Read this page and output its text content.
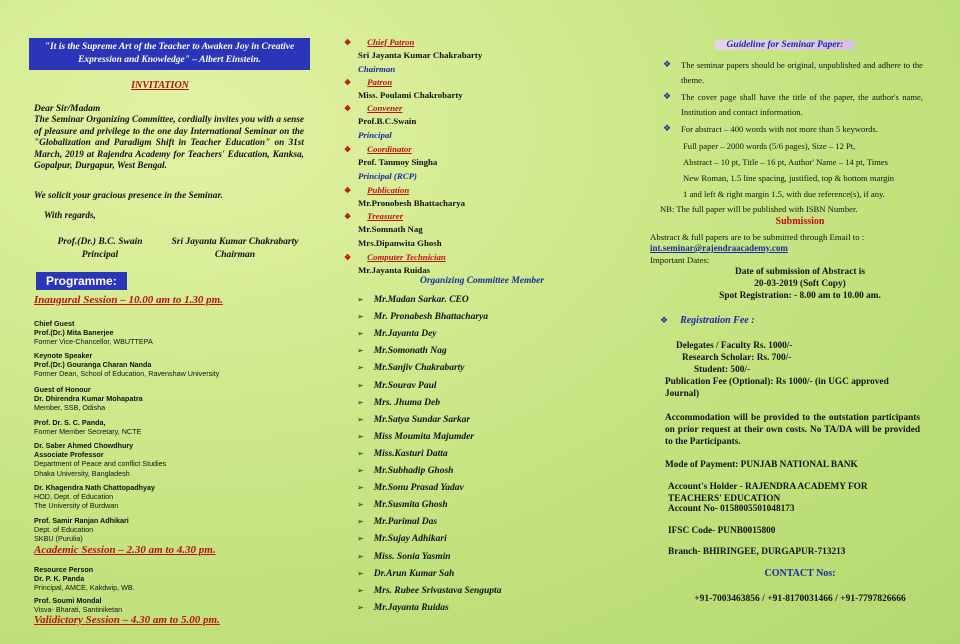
"It is the Supreme Art of the Teacher to Awaken Joy in Creative Expression and Knowledge" – Albert Einstein.
INVITATION
Dear Sir/Madam
The Seminar Organizing Committee, cordially invites you with a sense of pleasure and privilege to the one day International Seminar on the "Globalization and Paradigm Shift in Teacher Education" on 31st March, 2019 at Rajendra Academy for Teachers' Education, Kanksa, Gopalpur, Durgapur, West Bengal.
We solicit your gracious presence in the Seminar.
With regards,
Prof.(Dr.) B.C. Swain
Principal
Sri Jayanta Kumar Chakrabarty
Chairman
Programme:
Inaugural Session – 10.00 am to 1.30 pm.
Chief Guest
Prof.(Dr.) Mita Banerjee
Former Vice-Chancellor, WBUTTEPA
Keynote Speaker
Prof.(Dr.) Gouranga Charan Nanda
Former Dean, School of Education, Ravenshaw University
Guest of Honour
Dr. Dhirendra Kumar Mohapatra
Member, SSB, Odisha
Prof. Dr. S. C. Panda,
Former Member Secretary, NCTE
Dr. Saber Ahmed Chowdhury
Associate Professor
Department of Peace and conflict Studies
Dhaka University, Bangladesh
Dr. Khagendra Nath Chattopadhyay
HOD, Dept. of Education
The University of Burdwan
Prof. Samir Ranjan Adhikari
Dept. of Education
SKBU (Purulia)
Academic Session – 2.30 am to 4.30 pm.
Resource Person
Dr. P. K. Panda
Principal, AMCE, Kakdwip, WB.
Prof. Soumi Mondal
Visva- Bharati, Santiniketan
Validictory Session – 4.30 am to 5.00 pm.
❖ Chief Patron
Sri Jayanta Kumar Chakrabarty
Chairman
❖ Patron
Miss. Poulami Chakrobarty
❖ Convener
Prof.B.C.Swain
Principal
❖ Coordinator
Prof. Tanmoy Singha
Principal (RCP)
❖ Publication
Mr.Pronobesh Bhattacharya
❖ Treasurer
Mr.Somnath Nag
Mrs.Dipanwita Ghosh
❖ Computer Technician
Mr.Jayanta Ruidas
Organizing Committee Member
➢ Mr.Madan Sarkar. CEO
➢ Mr. Pronabesh Bhattacharya
➢ Mr.Jayanta Dey
➢ Mr.Somonath Nag
➢ Mr.Sanjiv Chakrabarty
➢ Mr.Sourav Paul
➢ Mrs. Jhuma Deb
➢ Mr.Satya Sundar Sarkar
➢ Miss Moumita Majumder
➢ Miss.Kasturi Datta
➢ Mr.Subhadip Ghosh
➢ Mr.Sonu Prasad Yadav
➢ Mr.Susmita Ghosh
➢ Mr.Parimal Das
➢ Mr.Sujay Adhikari
➢ Miss. Sonia Yasmin
➢ Dr.Arun Kumar Sah
➢ Mrs. Rubee Srivastava Sengupta
➢ Mr.Jayanta Ruidas
Guideline for Seminar Paper:
❖ The seminar papers should be original, unpublished and adhere to the theme.
❖ The cover page shall have the title of the paper, the author's name, Institution and contact information.
❖ For abstract – 400 words with not more than 5 keywords.
Full paper – 2000 words (5/6 pages), Size – 12 Pt,
Abstract – 10 pt, Title – 16 pt, Author' Name – 14 pt, Times
New Roman, 1.5 line spacing, justified, top & bottom margin
1 and left & right margin 1.5, with due reference(s), if any.
NB: The full paper will be published with ISBN Number.
Submission
Abstract & full papers are to be submitted through Email to :
int.seminar@rajendraacademy.com
Important Dates:
Date of submission of Abstract is
20-03-2019 (Soft Copy)
Spot Registration: - 8.00 am to 10.00 am.
❖ Registration Fee :
Delegates / Faculty Rs. 1000/-
Research Scholar: Rs. 700/-
Student: 500/-
Publication Fee (Optional): Rs 1000/- (in UGC approved Journal)
Accommodation will be provided to the outstation participants on prior request at their own costs. No TA/DA will be provided to the Participants.
Mode of Payment: PUNJAB NATIONAL BANK
Account's Holder - RAJENDRA ACADEMY FOR TEACHERS' EDUCATION
Account No- 0158005501048173
IFSC Code- PUNB0015800
Branch- BHIRINGEE, DURGAPUR-713213
CONTACT Nos:
+91-7003463856 / +91-8170031466 / +91-7797826666
